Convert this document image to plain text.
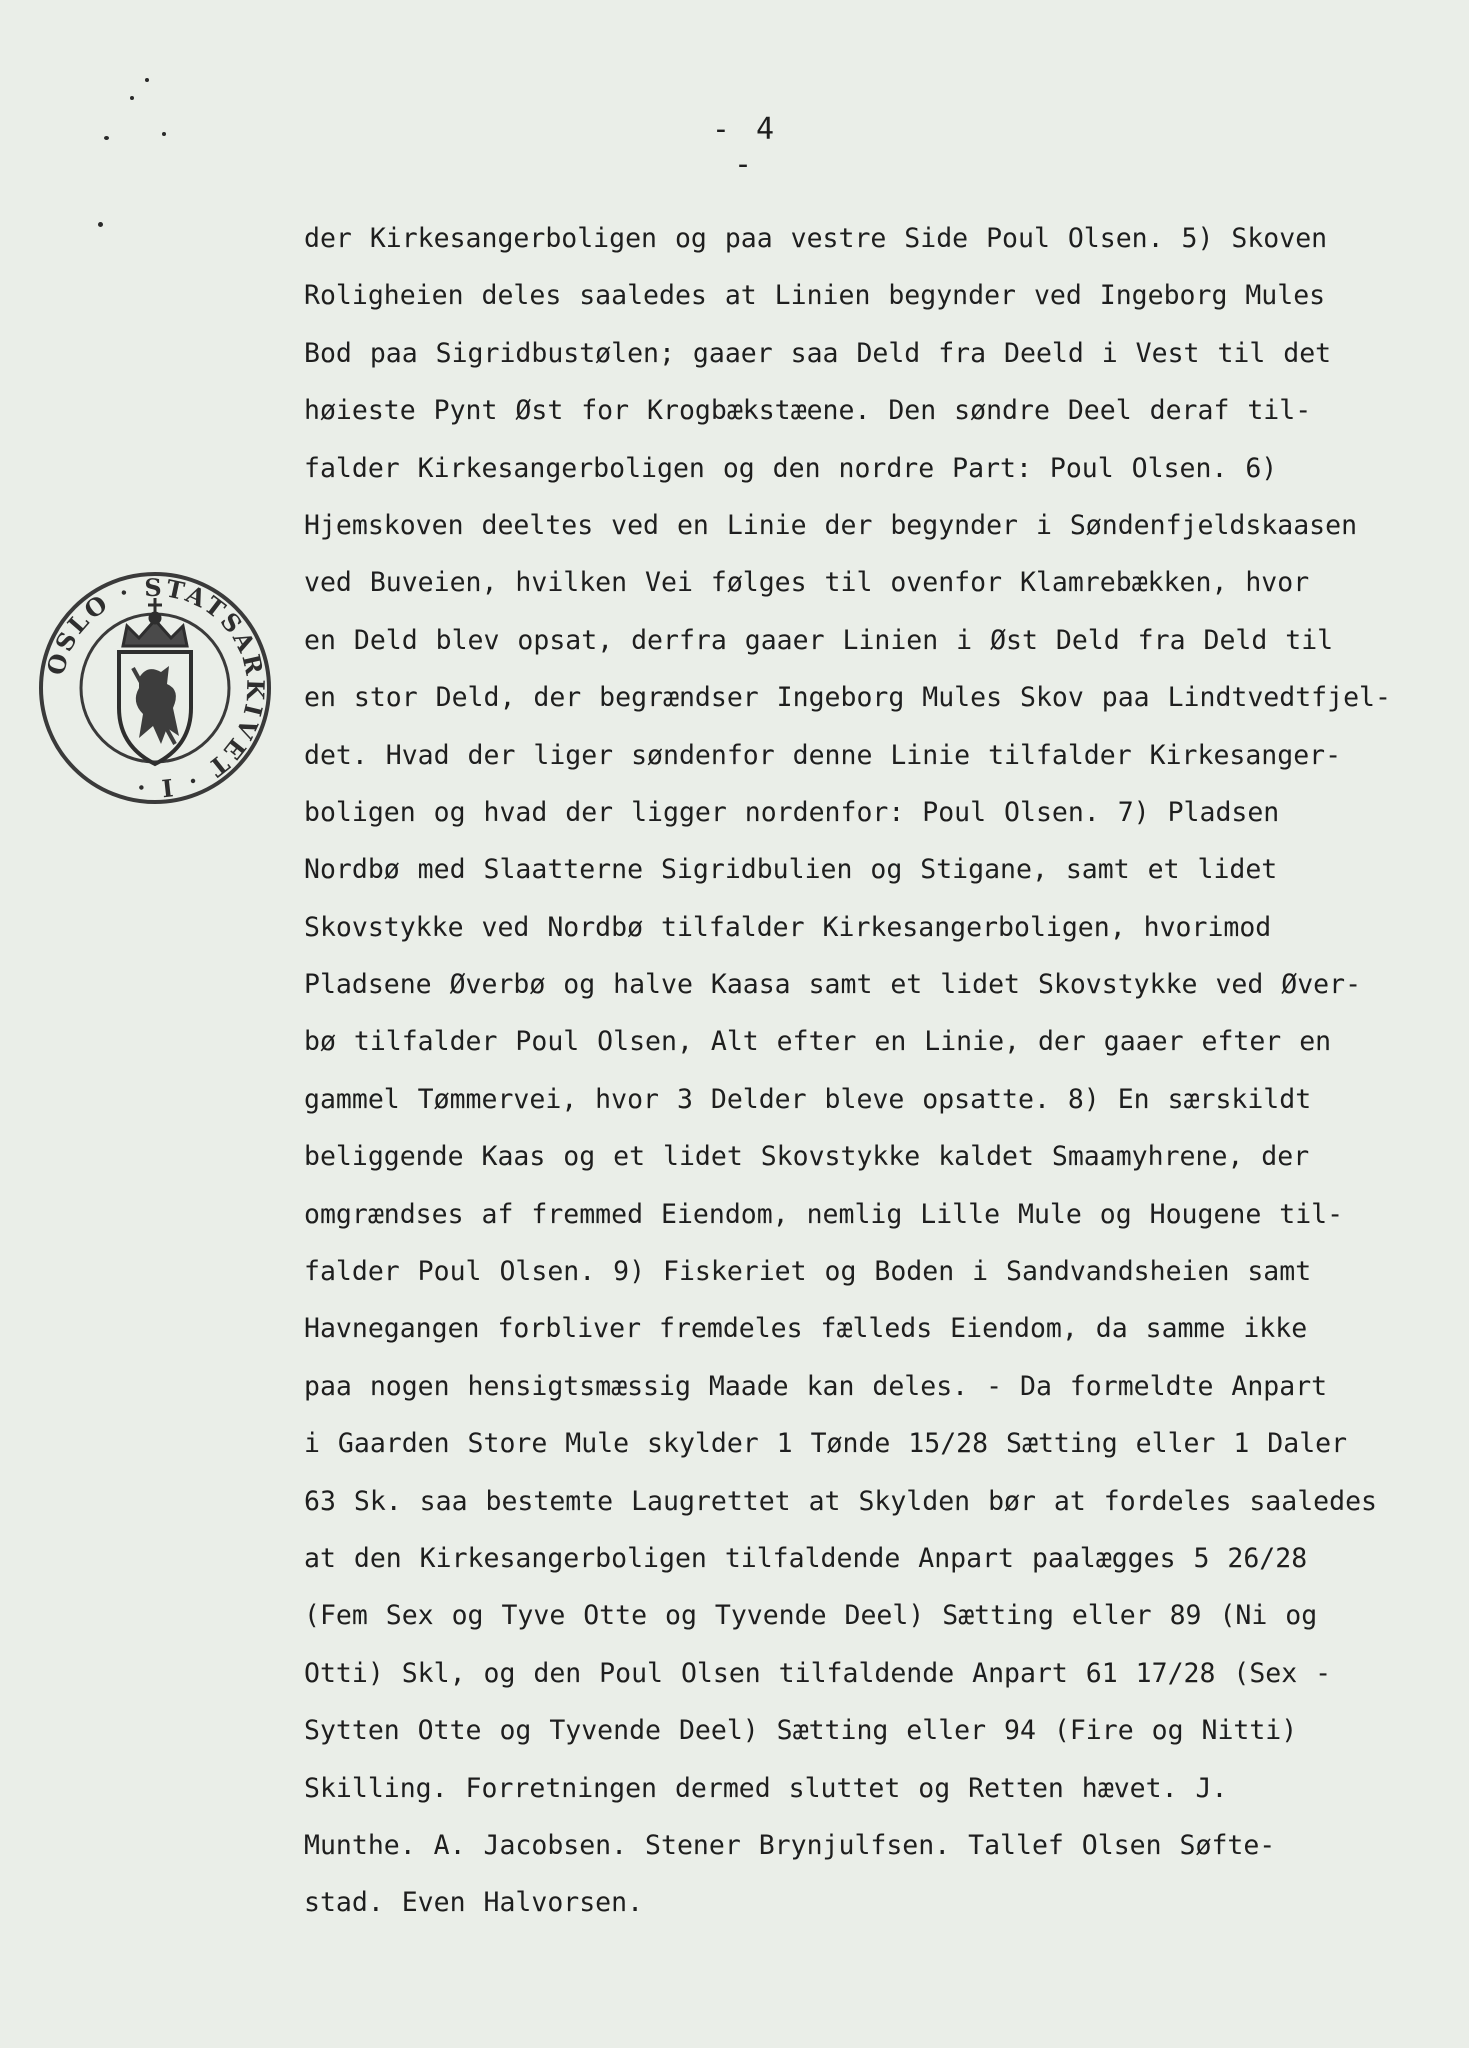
- 4 -
OSLO · STATSARKIVET · I ·
der Kirkesangerboligen og paa vestre Side Poul Olsen. 5) Skoven
Roligheien deles saaledes at Linien begynder ved Ingeborg Mules
Bod paa Sigridbustølen; gaaer saa Deld fra Deeld i Vest til det
høieste Pynt Øst for Krogbækstæene. Den søndre Deel deraf til-
falder Kirkesangerboligen og den nordre Part: Poul Olsen. 6)
Hjemskoven deeltes ved en Linie der begynder i Søndenfjeldskaasen
ved Buveien, hvilken Vei følges til ovenfor Klamrebækken, hvor
en Deld blev opsat, derfra gaaer Linien i Øst Deld fra Deld til
en stor Deld, der begrændser Ingeborg Mules Skov paa Lindtvedtfjel-
det. Hvad der liger søndenfor denne Linie tilfalder Kirkesanger-
boligen og hvad der ligger nordenfor: Poul Olsen. 7) Pladsen
Nordbø med Slaatterne Sigridbulien og Stigane, samt et lidet
Skovstykke ved Nordbø tilfalder Kirkesangerboligen, hvorimod
Pladsene Øverbø og halve Kaasa samt et lidet Skovstykke ved Øver-
bø tilfalder Poul Olsen, Alt efter en Linie, der gaaer efter en
gammel Tømmervei, hvor 3 Delder bleve opsatte. 8) En særskildt
beliggende Kaas og et lidet Skovstykke kaldet Smaamyhrene, der
omgrændses af fremmed Eiendom, nemlig Lille Mule og Hougene til-
falder Poul Olsen. 9) Fiskeriet og Boden i Sandvandsheien samt
Havnegangen forbliver fremdeles fælleds Eiendom, da samme ikke
paa nogen hensigtsmæssig Maade kan deles. - Da formeldte Anpart
i Gaarden Store Mule skylder 1 Tønde 15/28 Sætting eller 1 Daler
63 Sk. saa bestemte Laugrettet at Skylden bør at fordeles saaledes
at den Kirkesangerboligen tilfaldende Anpart paalægges 5 26/28
(Fem Sex og Tyve Otte og Tyvende Deel) Sætting eller 89 (Ni og
Otti) Skl, og den Poul Olsen tilfaldende Anpart 61 17/28 (Sex -
Sytten Otte og Tyvende Deel) Sætting eller 94 (Fire og Nitti)
Skilling. Forretningen dermed sluttet og Retten hævet. J.
Munthe. A. Jacobsen. Stener Brynjulfsen. Tallef Olsen Søfte-
stad. Even Halvorsen.
